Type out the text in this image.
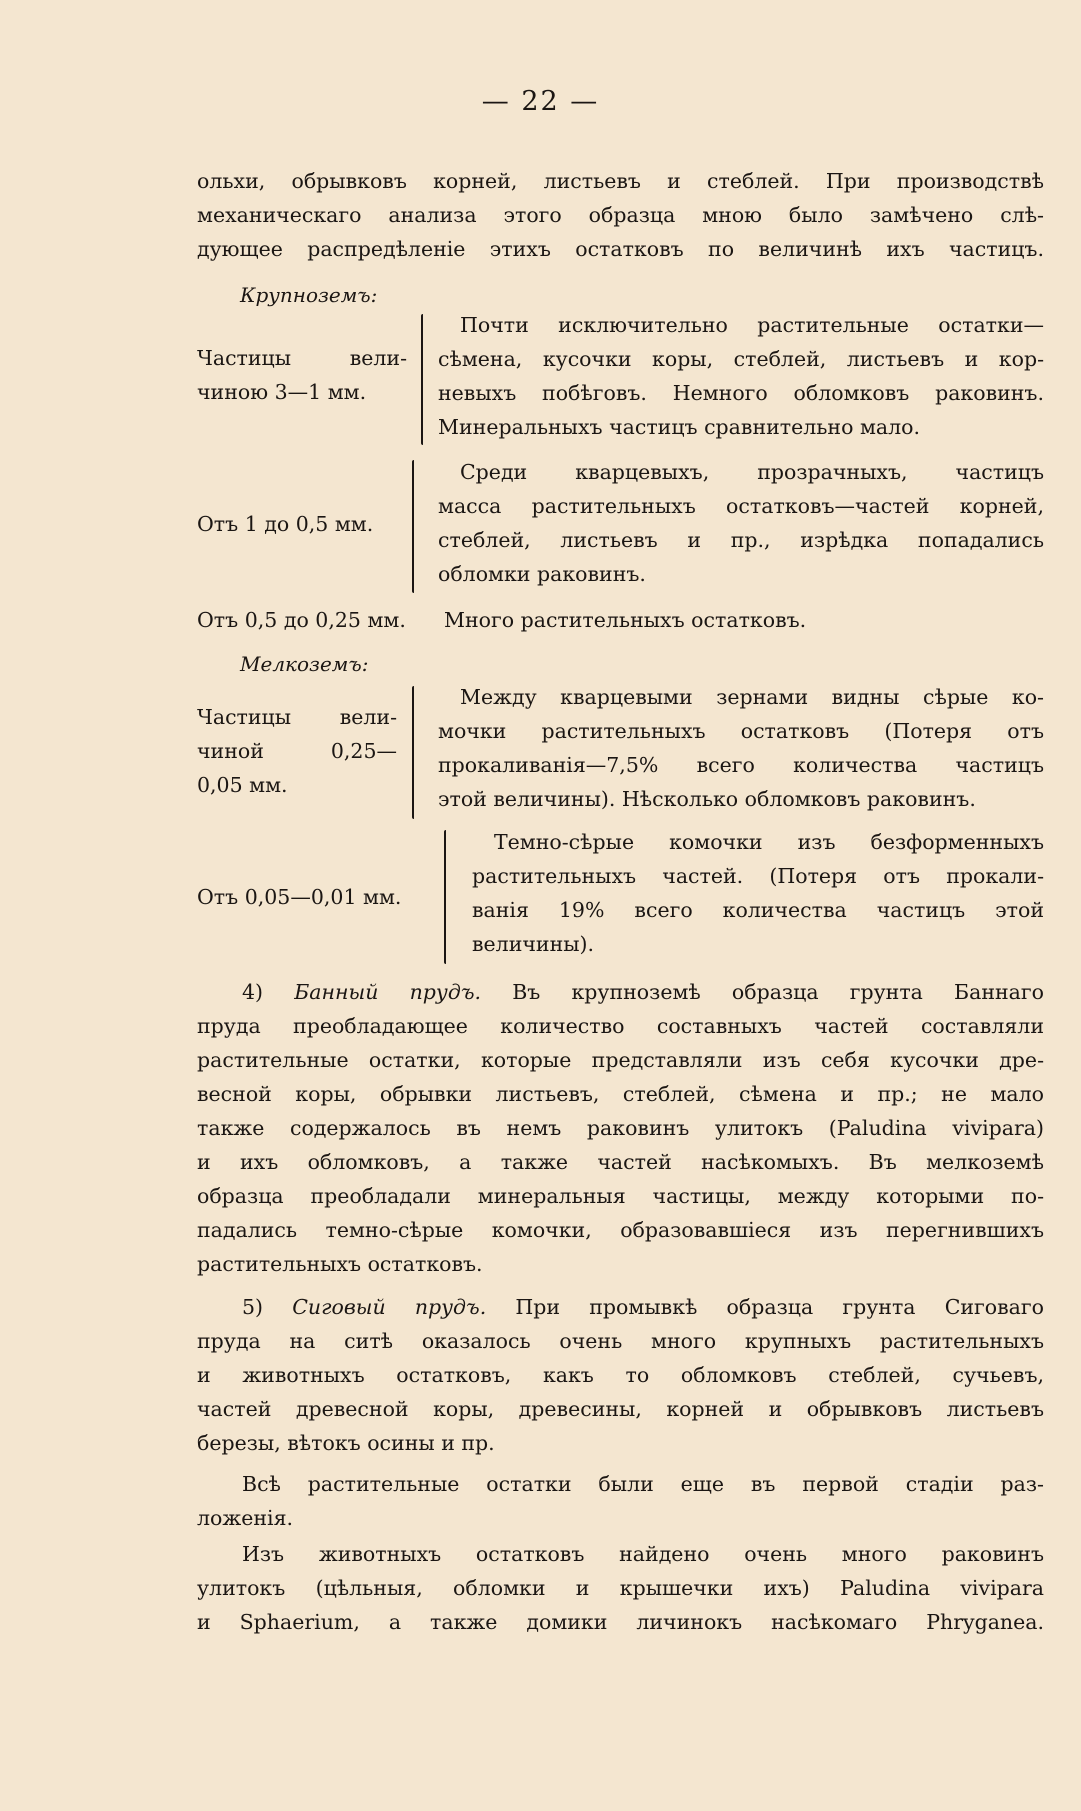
— 22 —
ольхи, обрывковъ корней, листьевъ и стеблей. При производствѣ
механическаго анализа этого образца мною было замѣчено слѣ-
дующее распредѣленіе этихъ остатковъ по величинѣ ихъ частицъ.
Крупноземъ:
Частицы вели-
чиною 3—1 мм.
Почти исключительно растительные остатки—
сѣмена, кусочки коры, стеблей, листьевъ и кор-
невыхъ побѣговъ. Немного обломковъ раковинъ.
Минеральныхъ частицъ сравнительно мало.
Отъ 1 до 0,5 мм.
Среди кварцевыхъ, прозрачныхъ, частицъ
масса растительныхъ остатковъ—частей корней,
стеблей, листьевъ и пр., изрѣдка попадались
обломки раковинъ.
Отъ 0,5 до 0,25 мм. Много растительныхъ остатковъ.
Мелкоземъ:
Частицы вели-
чиной 0,25—
0,05 мм.
Между кварцевыми зернами видны сѣрые ко-
мочки растительныхъ остатковъ (Потеря отъ
прокаливанія—7,5% всего количества частицъ
этой величины). Нѣсколько обломковъ раковинъ.
Отъ 0,05—0,01 мм.
Темно-сѣрые комочки изъ безформенныхъ
растительныхъ частей. (Потеря отъ прокали-
ванія 19% всего количества частицъ этой
величины).
4) Банный прудъ. Въ крупноземѣ образца грунта Баннаго
пруда преобладающее количество составныхъ частей составляли
растительные остатки, которые представляли изъ себя кусочки дре-
весной коры, обрывки листьевъ, стеблей, сѣмена и пр.; не мало
также содержалось въ немъ раковинъ улитокъ (Paludina vivipara)
и ихъ обломковъ, а также частей насѣкомыхъ. Въ мелкоземѣ
образца преобладали минеральныя частицы, между которыми по-
падались темно-сѣрые комочки, образовавшіеся изъ перегнившихъ
растительныхъ остатковъ.
5) Сиговый прудъ. При промывкѣ образца грунта Сиговаго
пруда на ситѣ оказалось очень много крупныхъ растительныхъ
и животныхъ остатковъ, какъ то обломковъ стеблей, сучьевъ,
частей древесной коры, древесины, корней и обрывковъ листьевъ
березы, вѣтокъ осины и пр.
Всѣ растительные остатки были еще въ первой стадіи раз-
ложенія.
Изъ животныхъ остатковъ найдено очень много раковинъ
улитокъ (цѣльныя, обломки и крышечки ихъ) Paludina vivipara
и Sphaerium, а также домики личинокъ насѣкомаго Phryganea.
